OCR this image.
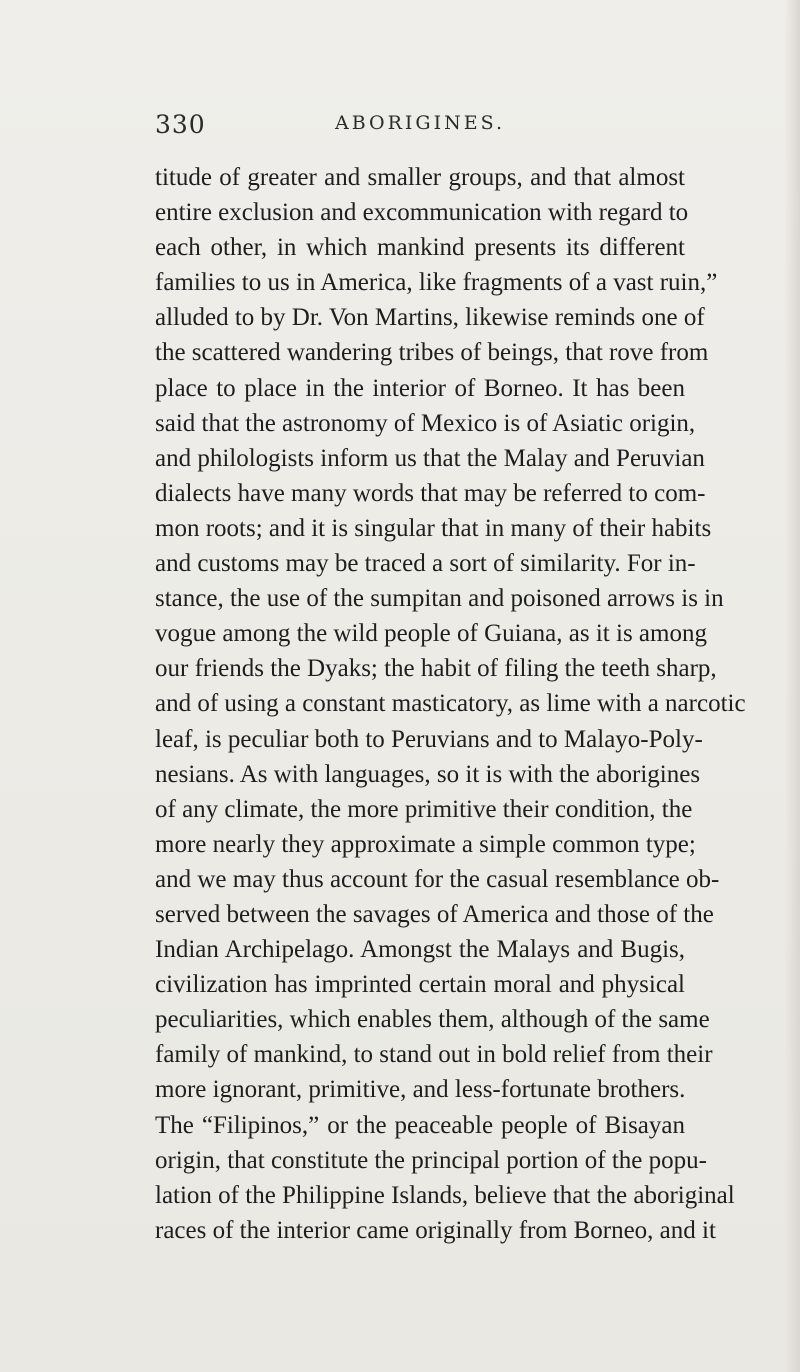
330	ABORIGINES.
titude of greater and smaller groups, and that almost
entire exclusion and excommunication with regard to
each other, in which mankind presents its different
families to us in America, like fragments of a vast ruin,”
alluded to by Dr. Von Martins, likewise reminds one of
the scattered wandering tribes of beings, that rove from
place to place in the interior of Borneo. It has been
said that the astronomy of Mexico is of Asiatic origin,
and philologists inform us that the Malay and Peruvian
dialects have many words that may be referred to com-
mon roots; and it is singular that in many of their habits
and customs may be traced a sort of similarity. For in-
stance, the use of the sumpitan and poisoned arrows is in
vogue among the wild people of Guiana, as it is among
our friends the Dyaks; the habit of filing the teeth sharp,
and of using a constant masticatory, as lime with a narcotic
leaf, is peculiar both to Peruvians and to Malayo-Poly-
nesians. As with languages, so it is with the aborigines
of any climate, the more primitive their condition, the
more nearly they approximate a simple common type;
and we may thus account for the casual resemblance ob-
served between the savages of America and those of the
Indian Archipelago. Amongst the Malays and Bugis,
civilization has imprinted certain moral and physical
peculiarities, which enables them, although of the same
family of mankind, to stand out in bold relief from their
more ignorant, primitive, and less-fortunate brothers.
The “Filipinos,” or the peaceable people of Bisayan
origin, that constitute the principal portion of the popu-
lation of the Philippine Islands, believe that the aboriginal
races of the interior came originally from Borneo, and it
